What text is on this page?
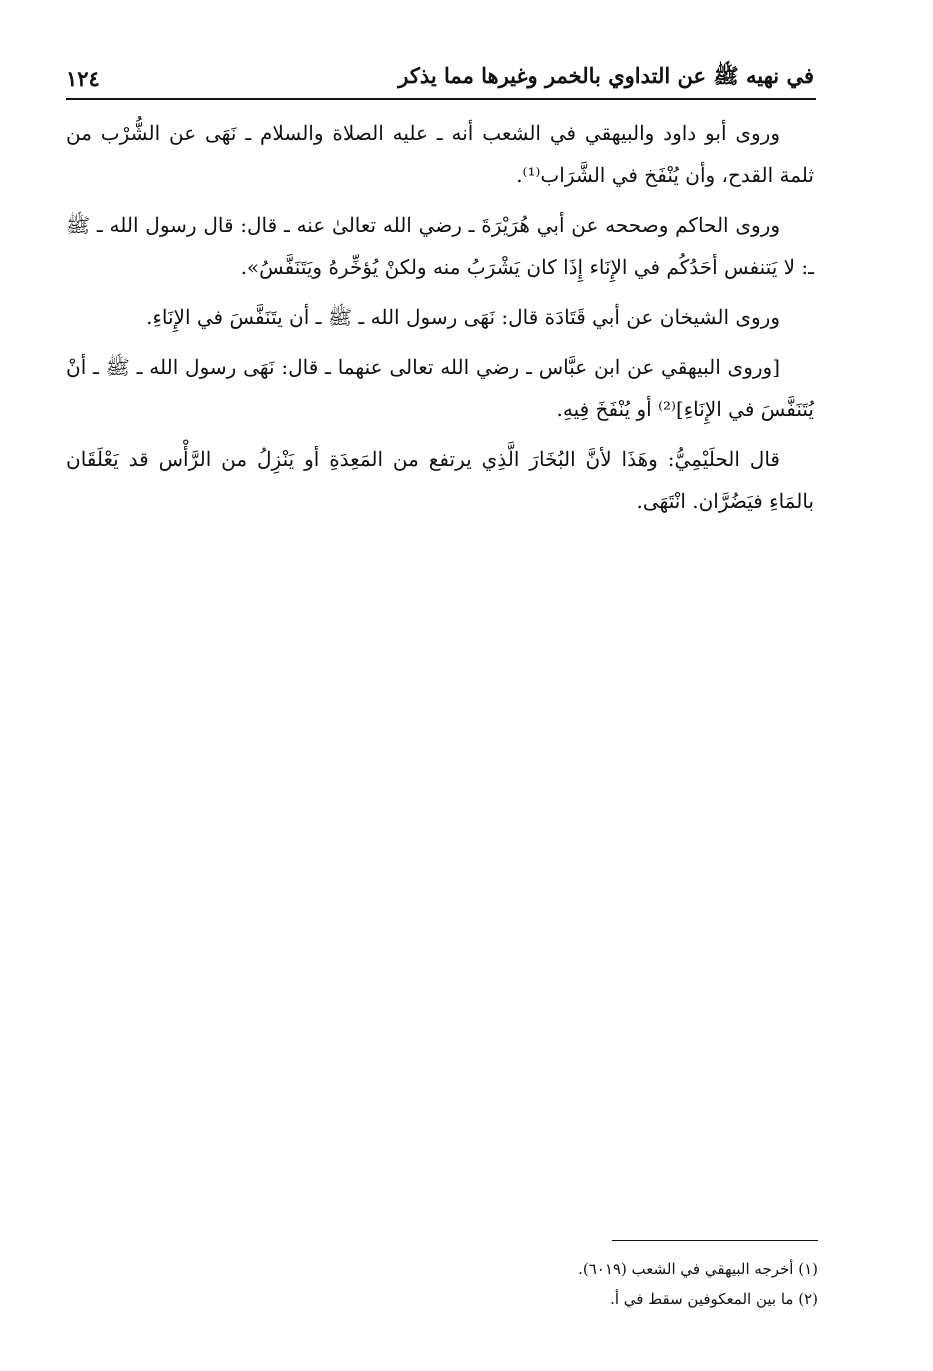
في نهيه ﷺ عن التداوي بالخمر وغيرها مما يذكر
١٢٤

وروى أبو داود والبيهقي في الشعب أنه ـ عليه الصلاة والسلام ـ نَهَى عن الشُّرْب من ثلمة القدح، وأن يُنْفَخ في الشَّرَاب⁽¹⁾.

وروى الحاكم وصححه عن أبي هُرَيْرَةَ ـ رضي الله تعالىٰ عنه ـ قال: قال رسول الله ـ ﷺ ـ: لا يَتنفس أحَدُكُم في الإِنَاء إِذَا كان يَشْرَبُ منه ولكنْ يُؤخِّرهُ ويَتَنَفَّسُ».

وروى الشيخان عن أبي قَتَادَة قال: نَهَى رسول الله ـ ﷺ ـ أن يتَنَفَّسَ في الإِنَاءِ.

[وروى البيهقي عن ابن عبَّاس ـ رضي الله تعالى عنهما ـ قال: نَهَى رسول الله ـ ﷺ ـ أنْ يُتَنَفَّسَ في الإِنَاءِ]⁽²⁾ أو يُنْفَخَ فِيهِ.

قال الحلَيْمِيُّ: وهَذَا لأنَّ البُخَارَ الَّذِي يرتفع من المَعِدَةِ أو يَنْزِلُ من الرَّأْس قد يَعْلَقَان بالمَاءِ فيَضُرَّان. انْتَهَى.

(١) أخرجه البيهقي في الشعب (٦٠١٩).
(٢) ما بين المعكوفين سقط في أ.
